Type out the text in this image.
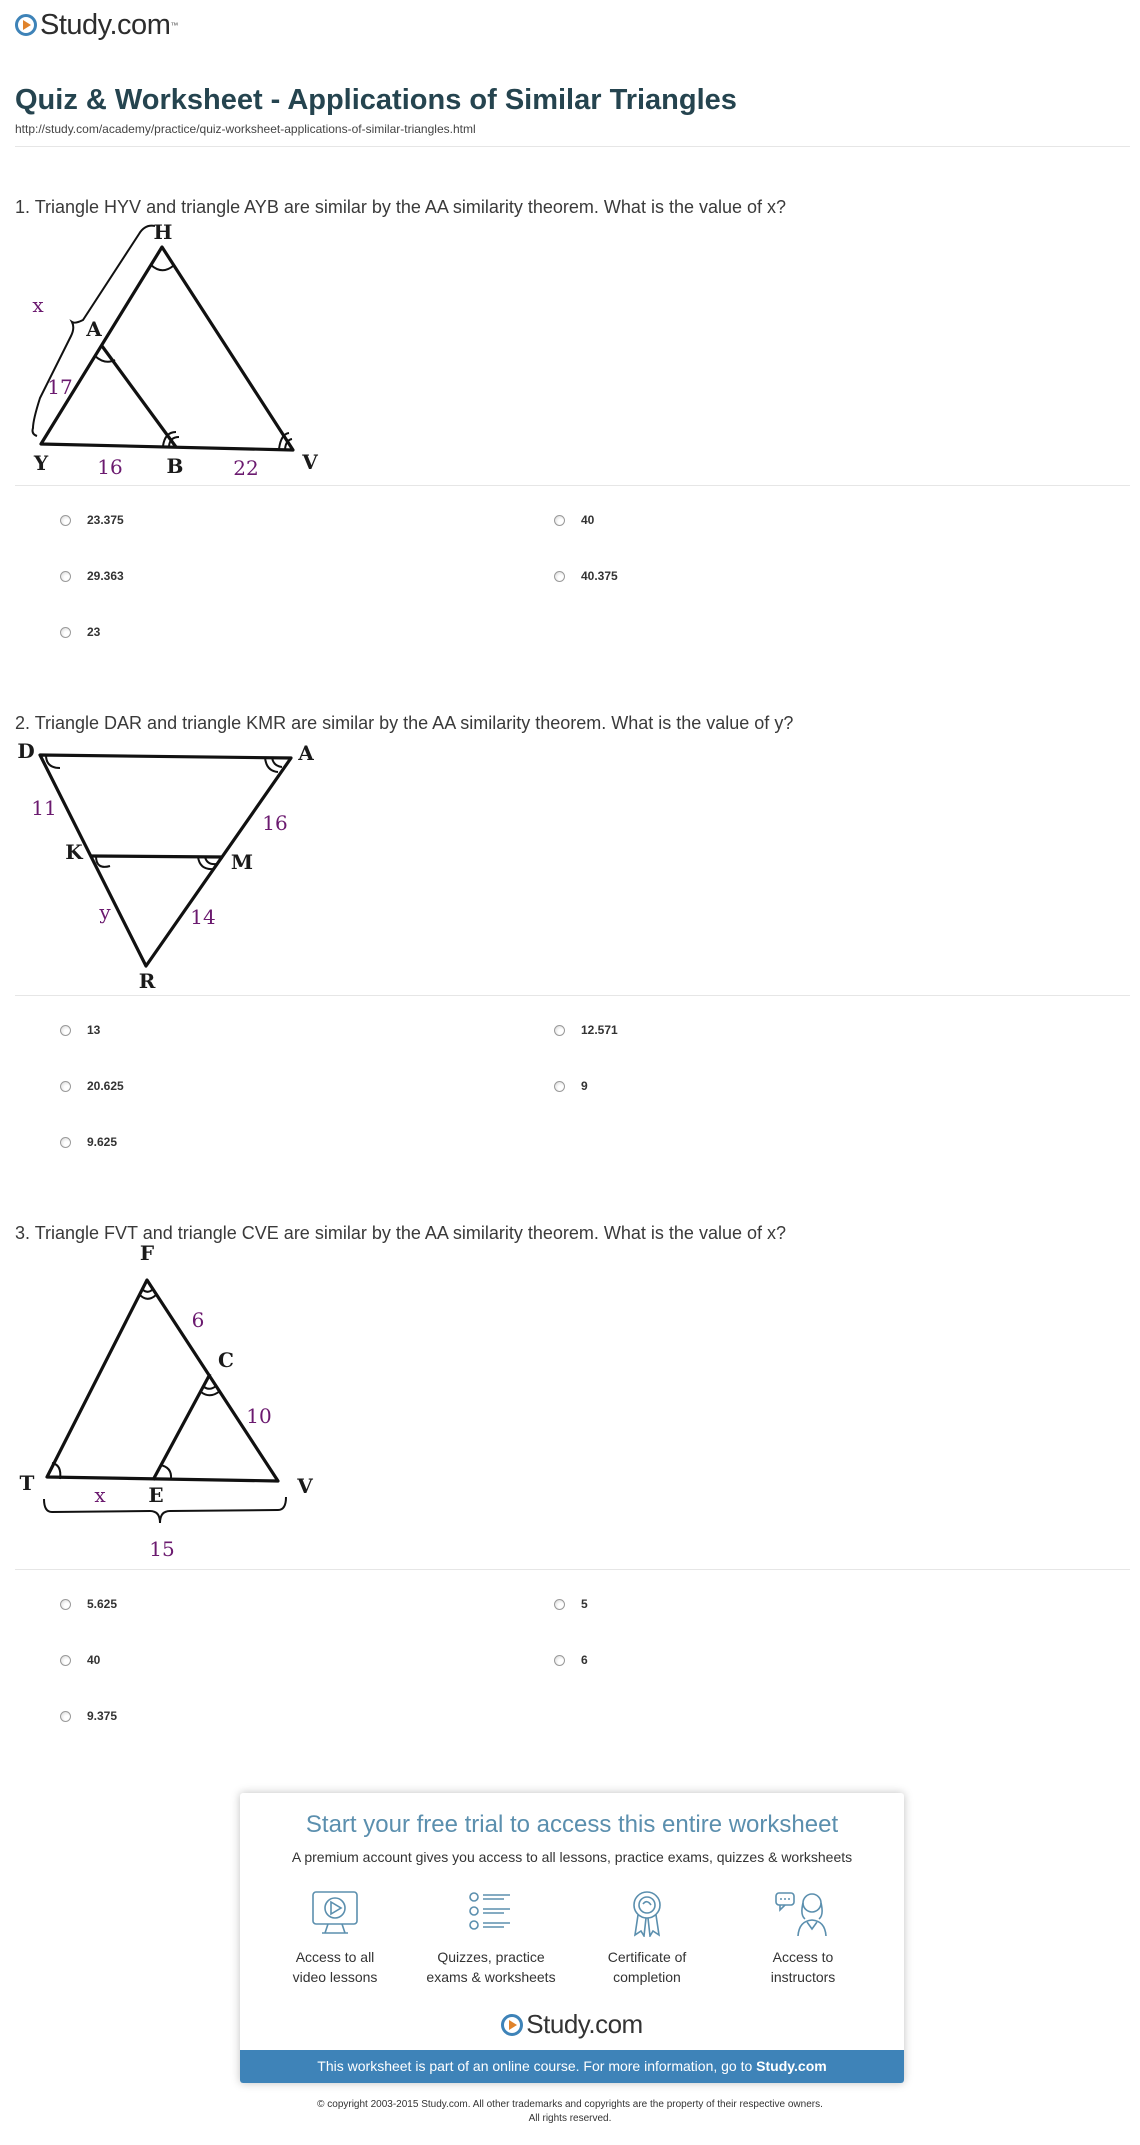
Study.com ™
Quiz & Worksheet - Applications of Similar Triangles
http://study.com/academy/practice/quiz-worksheet-applications-of-similar-triangles.html
1. Triangle HYV and triangle AYB are similar by the AA similarity theorem. What is the value of x?
H
A
Y	B	V
x
17
16	22
23.375	40
29.363	40.375
23
2. Triangle DAR and triangle KMR are similar by the AA similarity theorem. What is the value of y?
D	A
K	M
R
11
16
y	14
13	12.571
20.625	9
9.625
3. Triangle FVT and triangle CVE are similar by the AA similarity theorem. What is the value of x?
F
C
T	E	V
6
10
x
15
5.625	5
40	6
9.375
Start your free trial to access this entire worksheet
A premium account gives you access to all lessons, practice exams, quizzes & worksheets
Access to all
video lessons
Quizzes, practice
exams & worksheets
Certificate of
completion
Access to
instructors
Study.com
This worksheet is part of an online course. For more information, go to Study.com
© copyright 2003-2015 Study.com. All other trademarks and copyrights are the property of their respective owners.
All rights reserved.
